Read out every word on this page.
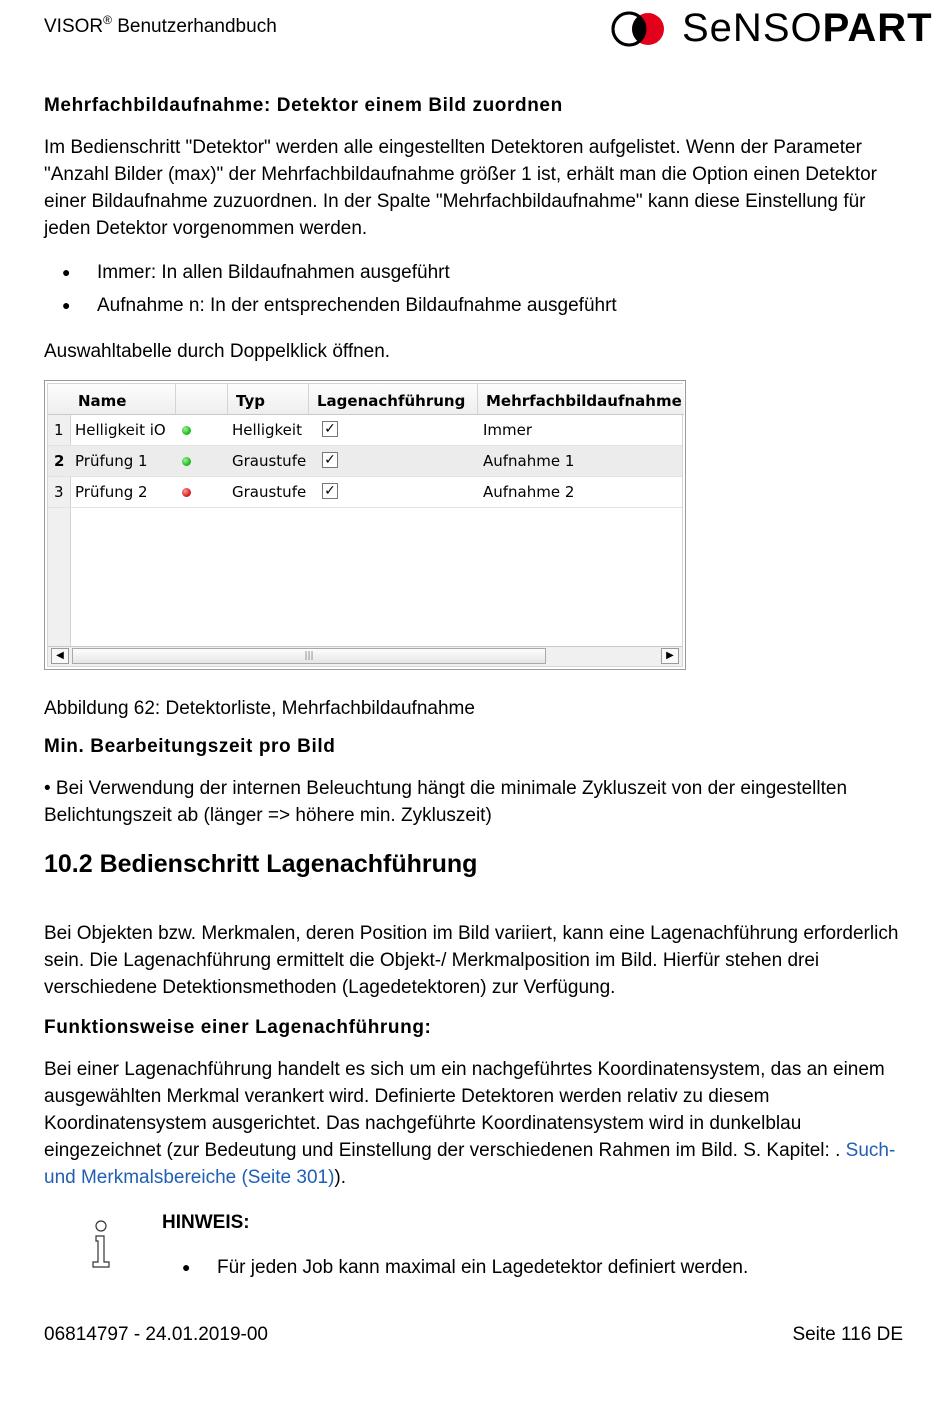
VISOR® Benutzerhandbuch	SeNSOPART
Mehrfachbildaufnahme: Detektor einem Bild zuordnen
Im Bedienschritt "Detektor" werden alle eingestellten Detektoren aufgelistet. Wenn der Parameter "Anzahl Bilder (max)" der Mehrfachbildaufnahme größer 1 ist, erhält man die Option einen Detektor einer Bildaufnahme zuzuordnen. In der Spalte "Mehrfachbildaufnahme" kann diese Einstellung für jeden Detektor vorgenommen werden.
● Immer: In allen Bildaufnahmen ausgeführt
● Aufnahme n: In der entsprechenden Bildaufnahme ausgeführt
Auswahltabelle durch Doppelklick öffnen.
Name	Typ	Lagenachführung	Mehrfachbildaufnahme
1 Helligkeit iO	Helligkeit ✓	Immer
2 Prüfung 1	Graustufe ✓	Aufnahme 1
3 Prüfung 2	Graustufe ✓	Aufnahme 2
◀	|||	▶
Abbildung 62: Detektorliste, Mehrfachbildaufnahme
Min. Bearbeitungszeit pro Bild
• Bei Verwendung der internen Beleuchtung hängt die minimale Zykluszeit von der eingestellten Belichtungszeit ab (länger => höhere min. Zykluszeit)
10.2 Bedienschritt Lagenachführung
Bei Objekten bzw. Merkmalen, deren Position im Bild variiert, kann eine Lagenachführung erforderlich sein. Die Lagenachführung ermittelt die Objekt-/ Merkmalposition im Bild. Hierfür stehen drei verschiedene Detektionsmethoden (Lagedetektoren) zur Verfügung.
Funktionsweise einer Lagenachführung:
Bei einer Lagenachführung handelt es sich um ein nachgeführtes Koordinatensystem, das an einem ausgewählten Merkmal verankert wird. Definierte Detektoren werden relativ zu diesem Koordinatensystem ausgerichtet. Das nachgeführte Koordinatensystem wird in dunkelblau eingezeichnet (zur Bedeutung und Einstellung der verschiedenen Rahmen im Bild. S. Kapitel: . Such- und Merkmalsbereiche (Seite 301)).
HINWEIS:
● Für jeden Job kann maximal ein Lagedetektor definiert werden.
06814797 - 24.01.2019-00	Seite 116 DE
